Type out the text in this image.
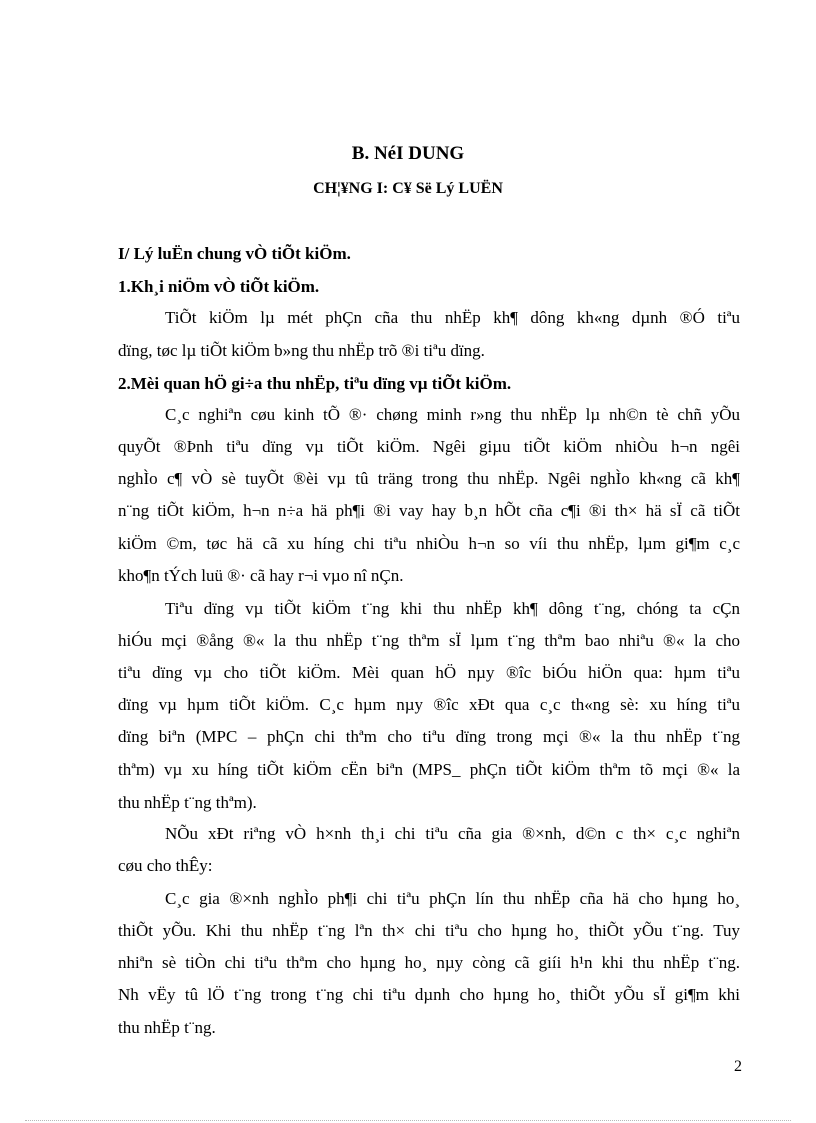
B. NéI DUNG
CH¦¥NG I: C¥ Së Lý LUËN
I/ Lý luËn chung vÒ tiÕt kiÖm.
1.Kh¸i niÖm vÒ tiÕt kiÖm.
TiÕt kiÖm lµ mét phÇn cña thu nhËp kh¶ dông kh«ng dµnh ®Ó tiªu
dïng, tøc lµ tiÕt kiÖm b»ng thu nhËp trõ ®i tiªu dïng.
2.Mèi quan hÖ gi÷a thu nhËp, tiªu dïng vµ tiÕt kiÖm.
C¸c nghiªn cøu kinh tÕ ®· chøng minh r»ng thu nhËp lµ nh©n tè chñ yÕu
quyÕt ®Þnh tiªu dïng vµ tiÕt kiÖm. Ngêi giµu tiÕt kiÖm nhiÒu h¬n ngêi
nghÌo c¶ vÒ sè tuyÕt ®èi vµ tû träng trong thu nhËp. Ngêi nghÌo kh«ng cã kh¶
n¨ng tiÕt kiÖm, h¬n n÷a hä ph¶i ®i vay hay b¸n hÕt cña c¶i ®i th× hä sÏ cã tiÕt
kiÖm ©m, tøc hä cã xu híng chi tiªu nhiÒu h¬n so víi thu nhËp, lµm gi¶m c¸c
kho¶n tÝch luü ®· cã hay r¬i vµo nî nÇn.
Tiªu dïng vµ tiÕt kiÖm t¨ng khi thu nhËp kh¶ dông t¨ng, chóng ta cÇn
hiÓu mçi ®ång ®« la thu nhËp t¨ng thªm sÏ lµm t¨ng thªm bao nhiªu ®« la cho
tiªu dïng vµ cho tiÕt kiÖm. Mèi quan hÖ nµy ®îc biÓu hiÖn qua: hµm tiªu
dïng vµ hµm tiÕt kiÖm. C¸c hµm nµy ®îc xÐt qua c¸c th«ng sè: xu híng tiªu
dïng biªn (MPC – phÇn chi thªm cho tiªu dïng trong mçi ®« la thu nhËp t¨ng
thªm) vµ xu híng tiÕt kiÖm cËn biªn (MPS_ phÇn tiÕt kiÖm thªm tõ mçi ®« la
thu nhËp t¨ng thªm).
NÕu xÐt riªng vÒ h×nh th¸i chi tiªu cña gia ®×nh, d©n c th× c¸c nghiªn
cøu cho thÊy:
C¸c gia ®×nh nghÌo ph¶i chi tiªu phÇn lín thu nhËp cña hä cho hµng ho¸
thiÕt yÕu. Khi thu nhËp t¨ng lªn th× chi tiªu cho hµng ho¸ thiÕt yÕu t¨ng. Tuy
nhiªn sè tiÒn chi tiªu thªm cho hµng ho¸ nµy còng cã giíi h¹n khi thu nhËp t¨ng.
Nh vËy tû lÖ t¨ng trong t¨ng chi tiªu dµnh cho hµng ho¸ thiÕt yÕu sÏ gi¶m khi
thu nhËp t¨ng.
2
